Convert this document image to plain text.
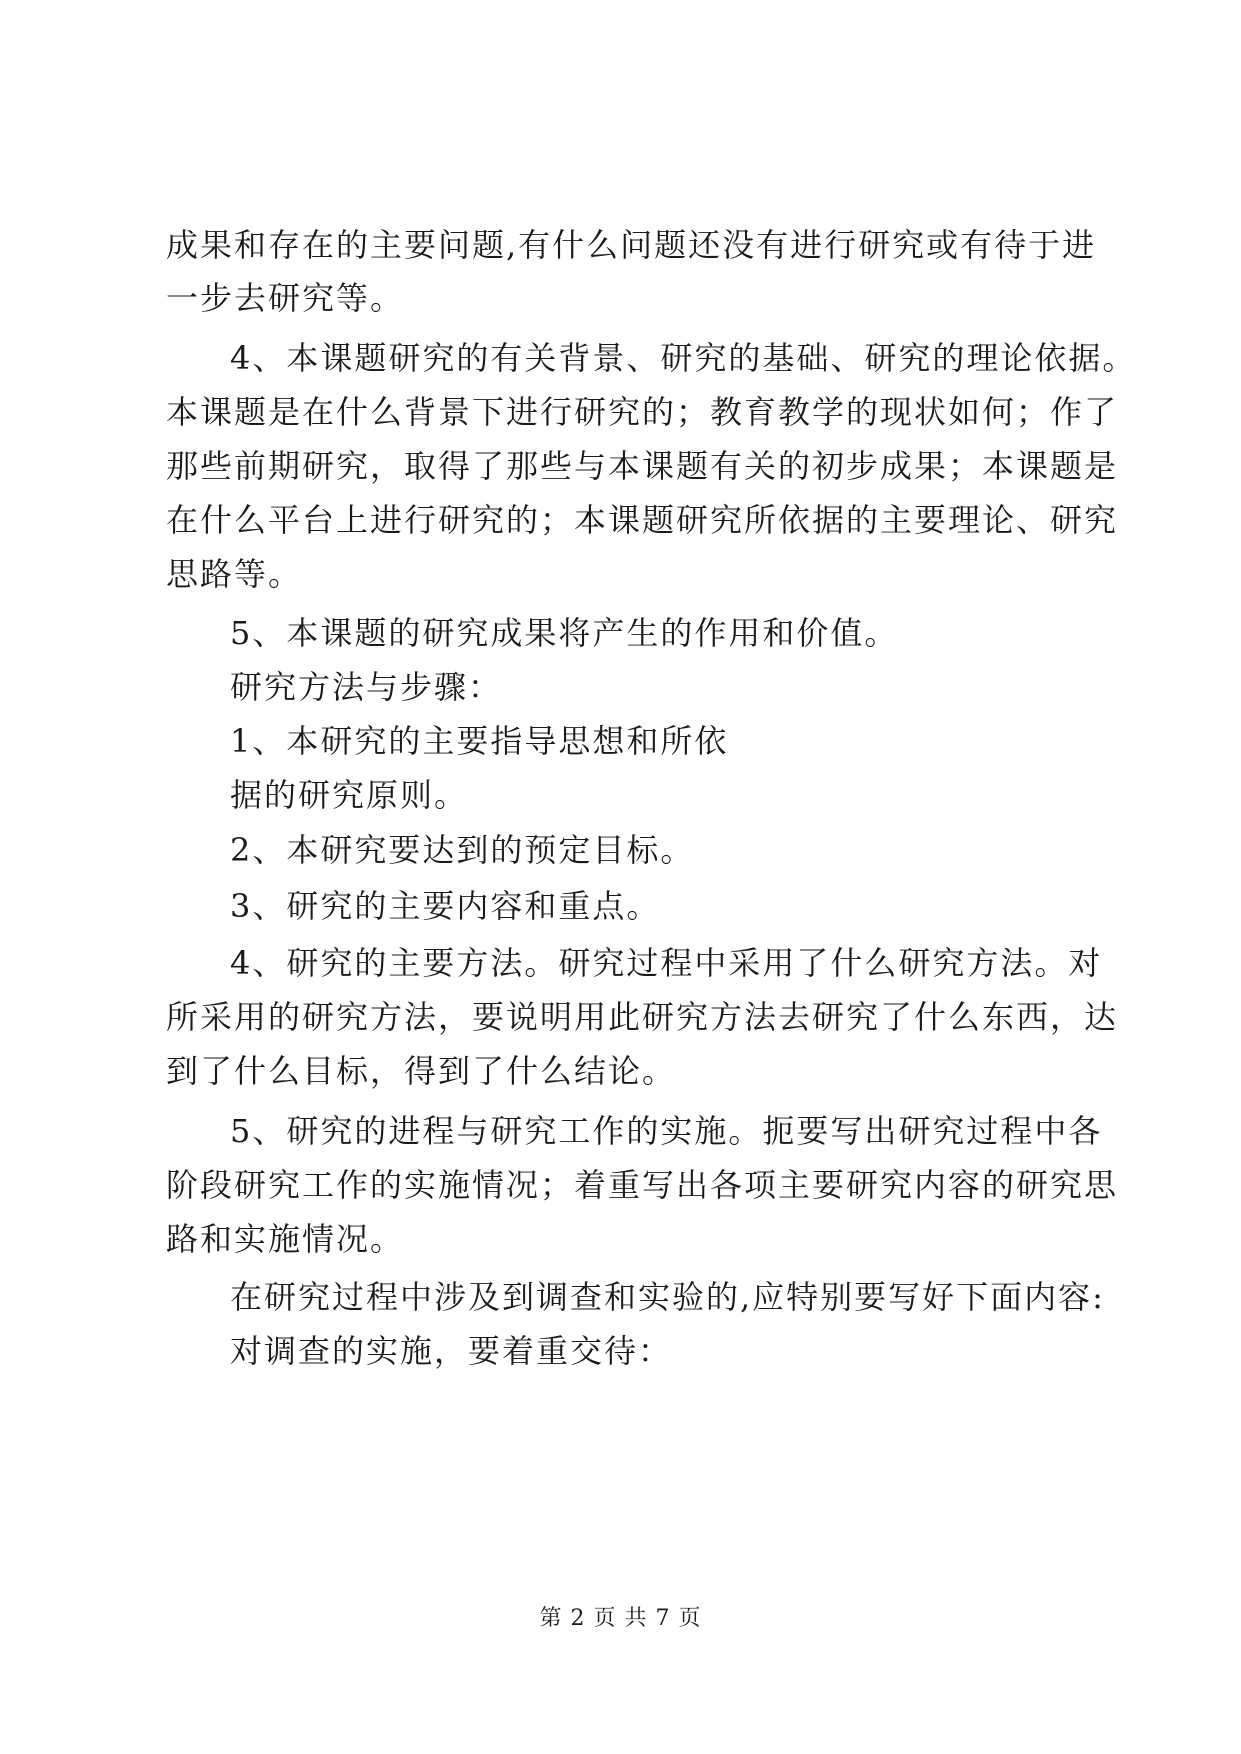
成果和存在的主要问题,有什么问题还没有进行研究或有待于进
一步去研究等。
4、本课题研究的有关背景、研究的基础、研究的理论依据。
本课题是在什么背景下进行研究的；教育教学的现状如何；作了
那些前期研究，取得了那些与本课题有关的初步成果；本课题是
在什么平台上进行研究的；本课题研究所依据的主要理论、研究
思路等。
5、本课题的研究成果将产生的作用和价值。
研究方法与步骤：
1、本研究的主要指导思想和所依
据的研究原则。
2、本研究要达到的预定目标。
3、研究的主要内容和重点。
4、研究的主要方法。研究过程中采用了什么研究方法。对
所采用的研究方法，要说明用此研究方法去研究了什么东西，达
到了什么目标，得到了什么结论。
5、研究的进程与研究工作的实施。扼要写出研究过程中各
阶段研究工作的实施情况；着重写出各项主要研究内容的研究思
路和实施情况。
在研究过程中涉及到调查和实验的,应特别要写好下面内容:
对调查的实施，要着重交待：
第 2 页 共 7 页
